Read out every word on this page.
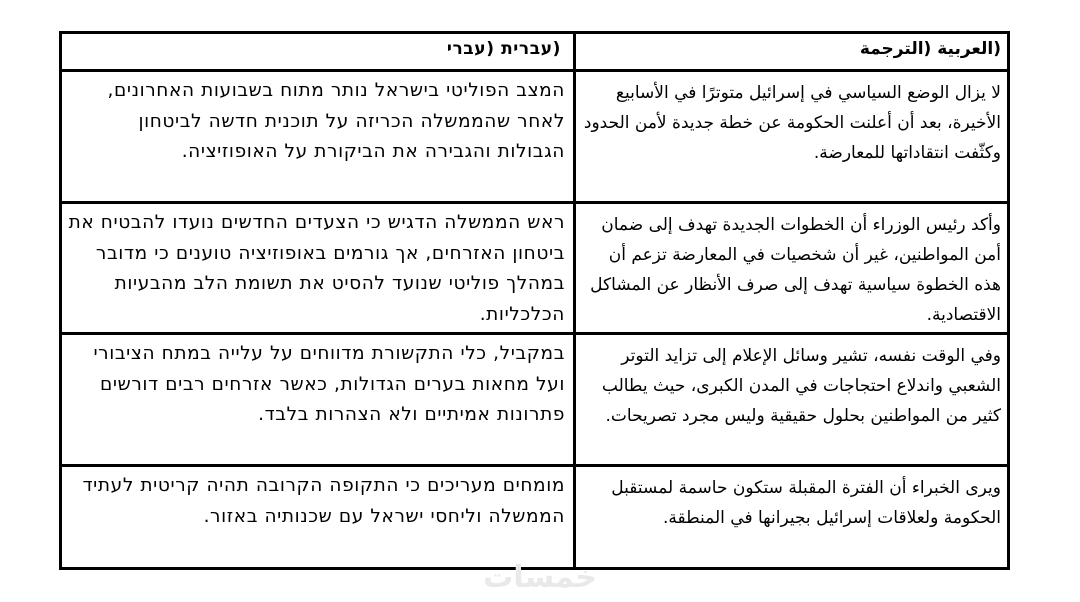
(עברית (עברי	(العربية (الترجمة
המצב הפוליטי בישראל נותר מתוח בשבועות האחרונים, לאחר שהממשלה הכריזה על תוכנית חדשה לביטחון הגבולות והגבירה את הביקורת על האופוזיציה.
لا يزال الوضع السياسي في إسرائيل متوترًا في الأسابيع الأخيرة، بعد أن أعلنت الحكومة عن خطة جديدة لأمن الحدود وكثّفت انتقاداتها للمعارضة.
ראש הממשלה הדגיש כי הצעדים החדשים נועדו להבטיח את ביטחון האזרחים, אך גורמים באופוזיציה טוענים כי מדובר במהלך פוליטי שנועד להסיט את תשומת הלב מהבעיות הכלכליות.
وأكد رئيس الوزراء أن الخطوات الجديدة تهدف إلى ضمان أمن المواطنين، غير أن شخصيات في المعارضة تزعم أن هذه الخطوة سياسية تهدف إلى صرف الأنظار عن المشاكل الاقتصادية.
במקביל, כלי התקשורת מדווחים על עלייה במתח הציבורי ועל מחאות בערים הגדולות, כאשר אזרחים רבים דורשים פתרונות אמיתיים ולא הצהרות בלבד.
وفي الوقت نفسه، تشير وسائل الإعلام إلى تزايد التوتر الشعبي واندلاع احتجاجات في المدن الكبرى، حيث يطالب كثير من المواطنين بحلول حقيقية وليس مجرد تصريحات.
מומחים מעריכים כי התקופה הקרובה תהיה קריטית לעתיד הממשלה וליחסי ישראל עם שכנותיה באזור.
ويرى الخبراء أن الفترة المقبلة ستكون حاسمة لمستقبل الحكومة ولعلاقات إسرائيل بجيرانها في المنطقة.
خمسات
